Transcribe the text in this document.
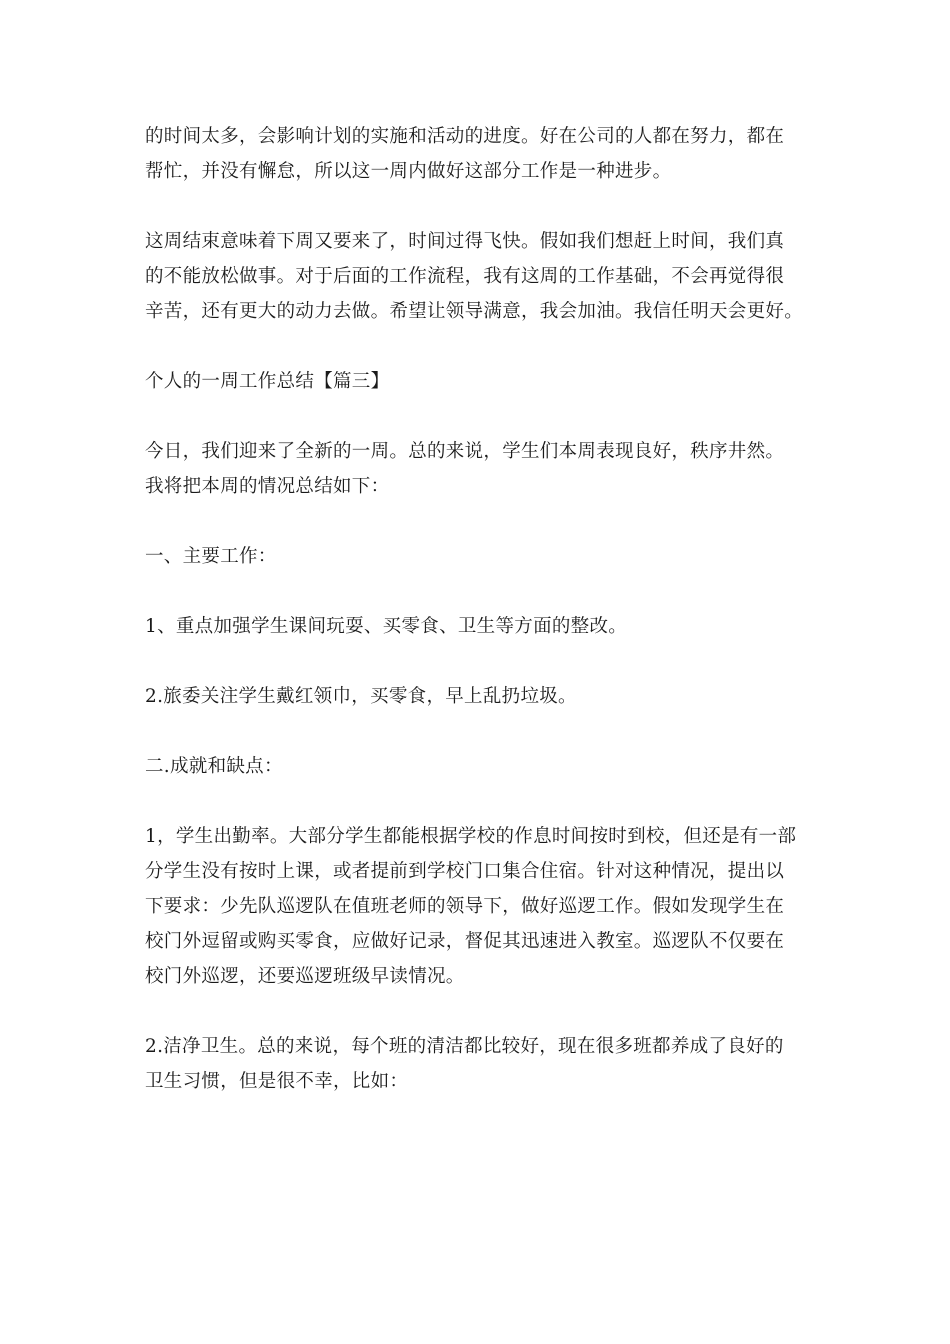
的时间太多，会影响计划的实施和活动的进度。好在公司的人都在努力，都在
帮忙，并没有懈怠，所以这一周内做好这部分工作是一种进步。

这周结束意味着下周又要来了，时间过得飞快。假如我们想赶上时间，我们真
的不能放松做事。对于后面的工作流程，我有这周的工作基础，不会再觉得很
辛苦，还有更大的动力去做。希望让领导满意，我会加油。我信任明天会更好。

个人的一周工作总结【篇三】

今日，我们迎来了全新的一周。总的来说，学生们本周表现良好，秩序井然。
我将把本周的情况总结如下：

一、主要工作：

1、重点加强学生课间玩耍、买零食、卫生等方面的整改。

2.旅委关注学生戴红领巾，买零食，早上乱扔垃圾。

二.成就和缺点：

1，学生出勤率。大部分学生都能根据学校的作息时间按时到校，但还是有一部
分学生没有按时上课，或者提前到学校门口集合住宿。针对这种情况，提出以
下要求：少先队巡逻队在值班老师的领导下，做好巡逻工作。假如发现学生在
校门外逗留或购买零食，应做好记录，督促其迅速进入教室。巡逻队不仅要在
校门外巡逻，还要巡逻班级早读情况。

2.洁净卫生。总的来说，每个班的清洁都比较好，现在很多班都养成了良好的
卫生习惯，但是很不幸，比如：
